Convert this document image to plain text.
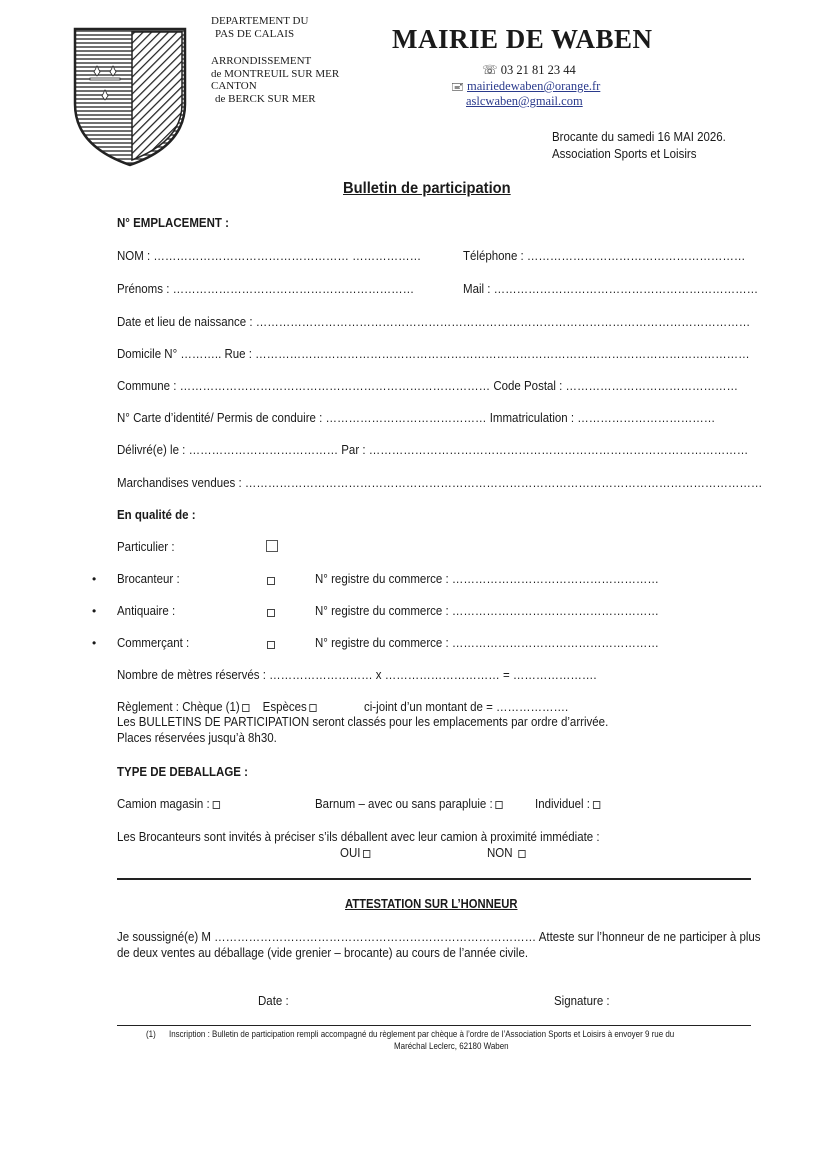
DEPARTEMENT DU
PAS DE CALAIS
ARRONDISSEMENT
de MONTREUIL SUR MER
CANTON
de BERCK SUR MER
MAIRIE DE WABEN
☏ 03 21 81 23 44
🖃 mairiedewaben@orange.fr
aslcwaben@gmail.com
Brocante du samedi 16 MAI 2026.
Association Sports et Loisirs
Bulletin de participation
N° EMPLACEMENT :
NOM : …………………………………………… ………………	Téléphone : …………………………………………………
Prénoms : ………………………………………………………	Mail : ……………………………………………………………
Date et lieu de naissance : …………………………………………………………………………………………………………………
Domicile N° ……….. Rue : …………………………………………………………………………………………………………………
Commune : ……………………………………………………………………… Code Postal : ………………………………………
N° Carte d’identité/ Permis de conduire : …………………………………… Immatriculation : ………………………………
Délivré(e) le : ………………………………… Par : ………………………………………………………………………………………
Marchandises vendues : ………………………………………………………………………………………………………………………
En qualité de :
Particulier :
• Brocanteur :	N° registre du commerce : ………………………………………………
• Antiquaire :	N° registre du commerce : ………………………………………………
• Commerçant :	N° registre du commerce : ………………………………………………
Nombre de mètres réservés : ……………………… x ………………………… = ………………….
Règlement : Chèque (1) Espèces	ci-joint d’un montant de = ……………….
Les BULLETINS DE PARTICIPATION seront classés pour les emplacements par ordre d’arrivée.
Places réservées jusqu’à 8h30.
TYPE DE DEBALLAGE :
Camion magasin :	Barnum – avec ou sans parapluie :	Individuel :
Les Brocanteurs sont invités à préciser s’ils déballent avec leur camion à proximité immédiate :
OUI	NON
ATTESTATION SUR L’HONNEUR
Je soussigné(e) M ………………………………………………………………………… Atteste sur l’honneur de ne participer à plus
de deux ventes au déballage (vide grenier – brocante) au cours de l’année civile.
Date :	Signature :
(1) Inscription : Bulletin de participation rempli accompagné du règlement par chèque à l’ordre de l’Association Sports et Loisirs à envoyer 9 rue du
Maréchal Leclerc, 62180 Waben
